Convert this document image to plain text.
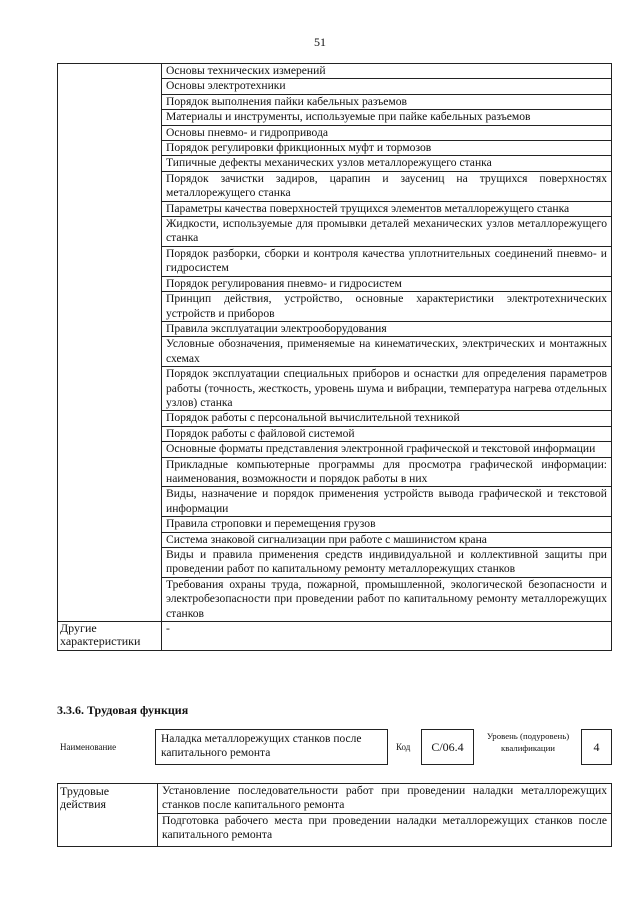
51
	Основы технических измерений
	Основы электротехники
	Порядок выполнения пайки кабельных разъемов
	Материалы и инструменты, используемые при пайке кабельных разъемов
	Основы пневмо- и гидропривода
	Порядок регулировки фрикционных муфт и тормозов
	Типичные дефекты механических узлов металлорежущего станка
	Порядок зачистки задиров, царапин и заусениц на трущихся поверхностях металлорежущего станка
	Параметры качества поверхностей трущихся элементов металлорежущего станка
	Жидкости, используемые для промывки деталей механических узлов металлорежущего станка
	Порядок разборки, сборки и контроля качества уплотнительных соединений пневмо- и гидросистем
	Порядок регулирования пневмо- и гидросистем
	Принцип действия, устройство, основные характеристики электротехнических устройств и приборов
	Правила эксплуатации электрооборудования
	Условные обозначения, применяемые на кинематических, электрических и монтажных схемах
	Порядок эксплуатации специальных приборов и оснастки для определения параметров работы (точность, жесткость, уровень шума и вибрации, температура нагрева отдельных узлов) станка
	Порядок работы с персональной вычислительной техникой
	Порядок работы с файловой системой
	Основные форматы представления электронной графической и текстовой информации
	Прикладные компьютерные программы для просмотра графической информации: наименования, возможности и порядок работы в них
	Виды, назначение и порядок применения устройств вывода графической и текстовой информации
	Правила строповки и перемещения грузов
	Система знаковой сигнализации при работе с машинистом крана
	Виды и правила применения средств индивидуальной и коллективной защиты при проведении работ по капитальному ремонту металлорежущих станков
	Требования охраны труда, пожарной, промышленной, экологической безопасности и электробезопасности при проведении работ по капитальному ремонту металлорежущих станков
Другие характеристики	-
3.3.6. Трудовая функция
Наименование
Наладка металлорежущих станков после капитального ремонта	Код	C/06.4
Уровень (подуровень) квалификации	4
Трудовые действия	Установление последовательности работ при проведении наладки металлорежущих станков после капитального ремонта
Подготовка рабочего места при проведении наладки металлорежущих станков после капитального ремонта
